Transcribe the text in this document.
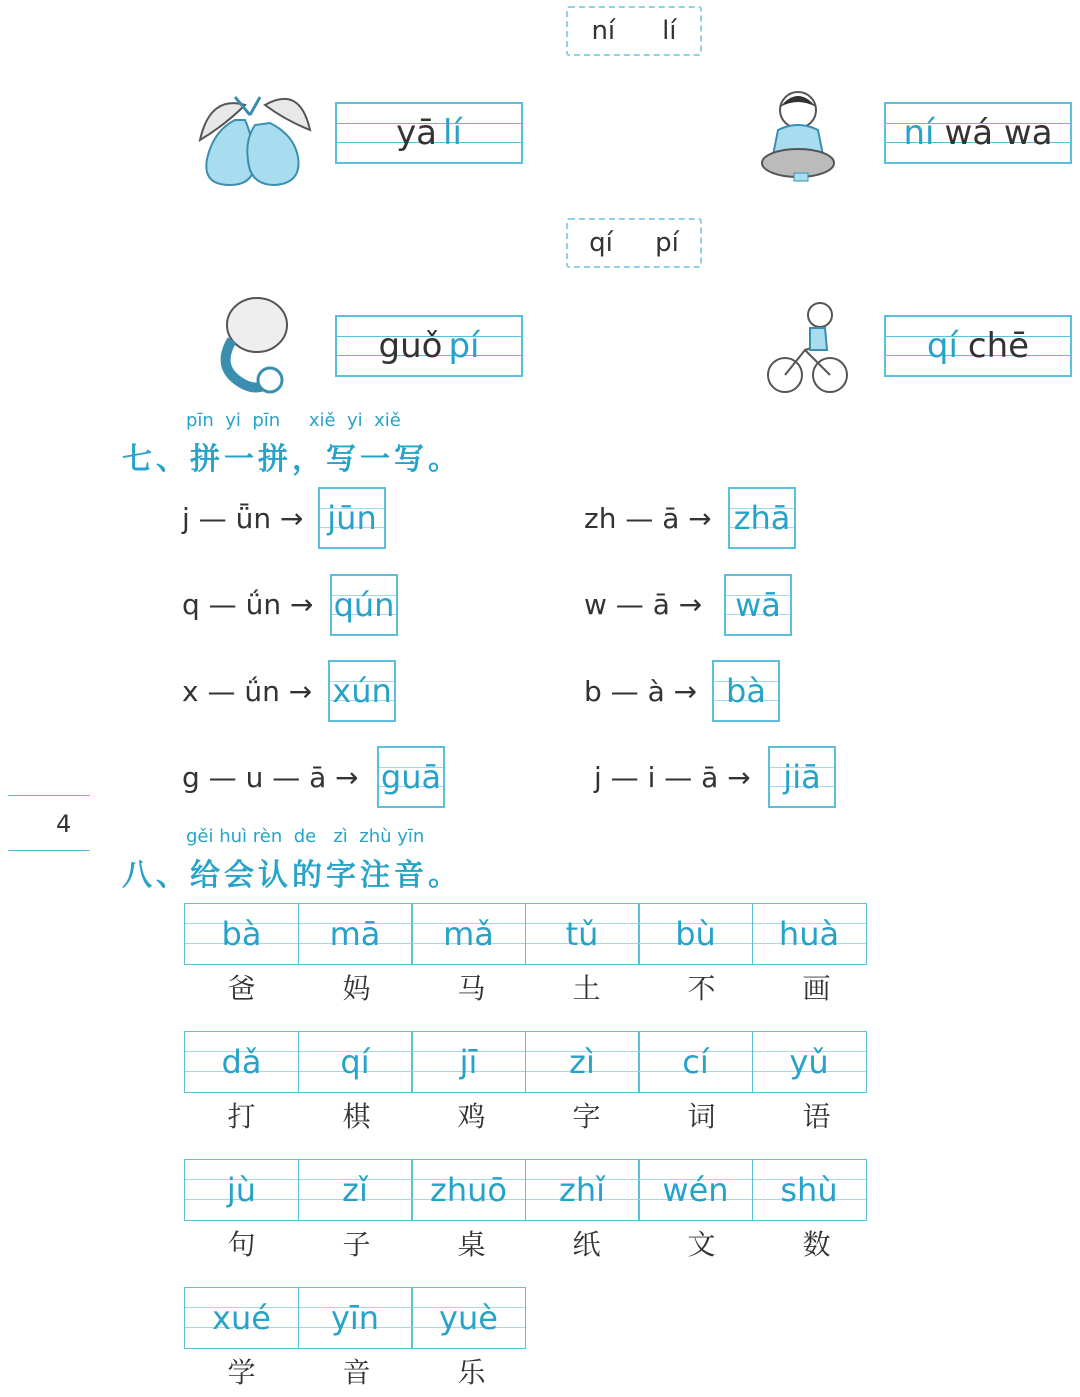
ní lí
yā lí	ní wá wa
qí pí
guǒ pí	qí chē
pīn  yi  pīn     xiě  yi  xiě
七、拼一拼，写一写。
j — ǖn → jūn	zh — ā → zhā
q — ǘn → qún	w — ā →	wā
x — ǘn → xún	b — à → bà
g — u — ā → guā	j — i — ā →	jiā
4	gěi huì rèn  de   zì  zhù yīn
八、给会认的字注音。
bà	mā	mǎ	tǔ	bù	huà
爸	妈	马	土	不	画
dǎ	qí	jī	zì	cí	yǔ
打	棋	鸡	字	词	语
jù	zǐ	zhuō	zhǐ	wén	shù
句	子	桌	纸	文	数
xué	yīn	yuè
学	音	乐
